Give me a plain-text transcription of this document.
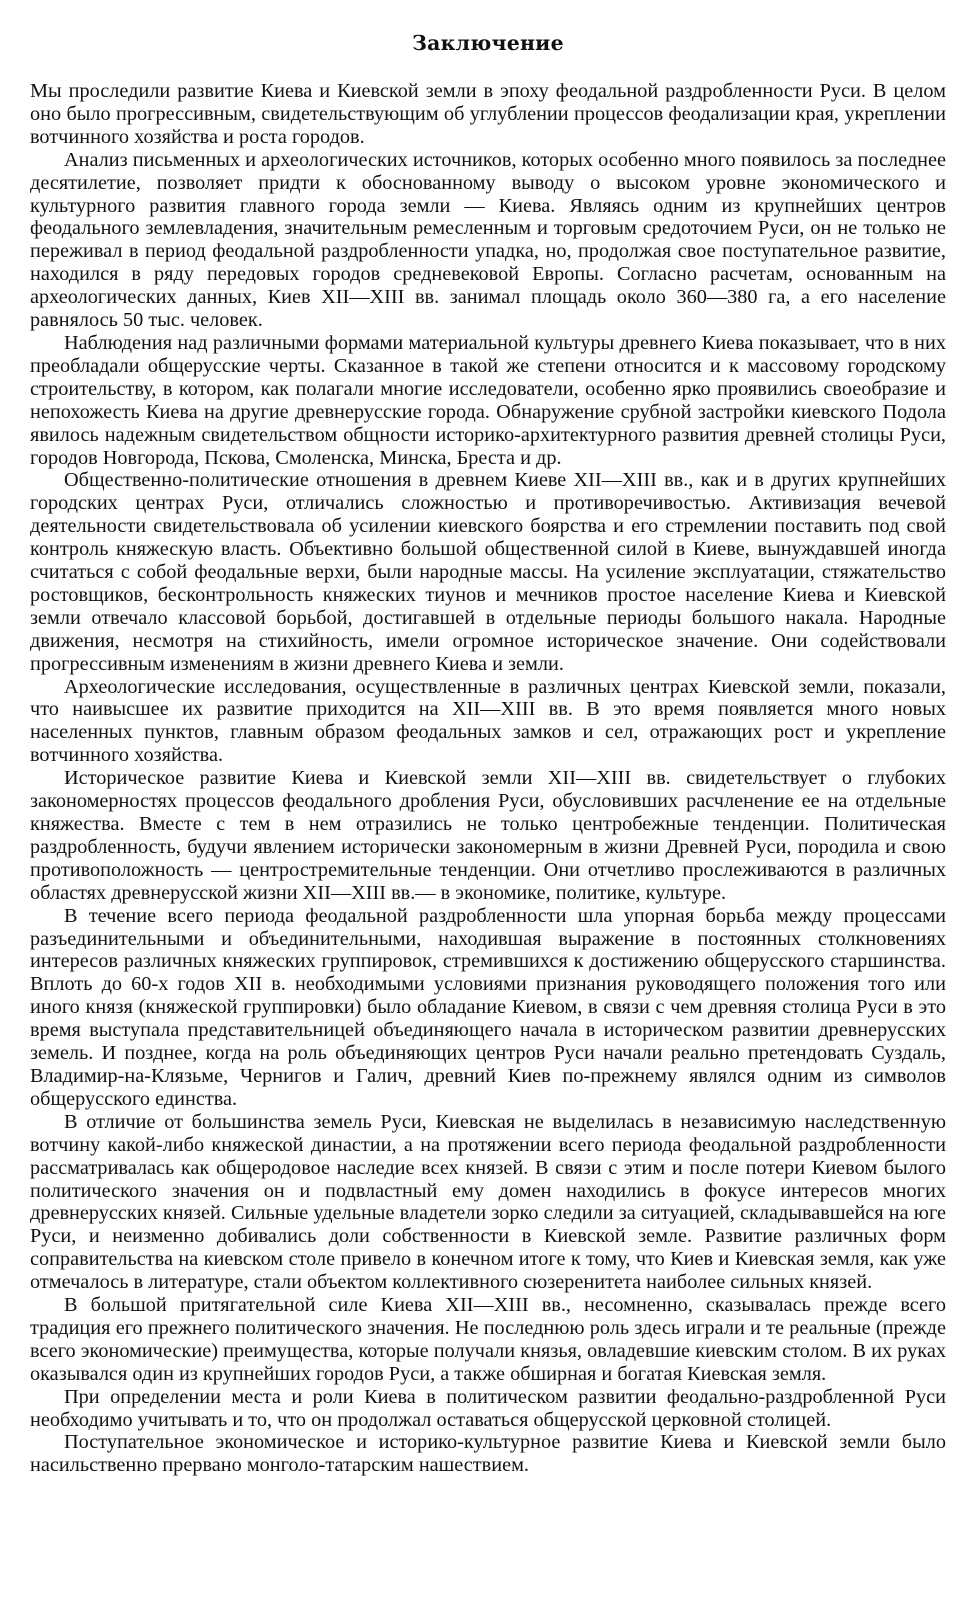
Заключение

Мы проследили развитие Киева и Киевской земли в эпоху феодальной раздробленности Руси. В целом оно было прогрессивным, свидетельствующим об углублении процессов феодализации края, укреплении вотчинного хозяйства и роста городов.

Анализ письменных и археологических источников, которых особенно много появилось за последнее десятилетие, позволяет придти к обоснованному выводу о высоком уровне экономического и культурного развития главного города земли — Киева. Являясь одним из крупнейших центров феодального землевладения, значительным ремесленным и торговым средоточием Руси, он не только не переживал в период феодальной раздробленности упадка, но, продолжая свое поступательное развитие, находился в ряду передовых городов средневековой Европы. Согласно расчетам, основанным на археологических данных, Киев XII—XIII вв. занимал площадь около 360—380 га, а его население равнялось 50 тыс. человек.

Наблюдения над различными формами материальной культуры древнего Киева показывает, что в них преобладали общерусские черты. Сказанное в такой же степени относится и к массовому городскому строительству, в котором, как полагали многие исследователи, особенно ярко проявились своеобразие и непохожесть Киева на другие древнерусские города. Обнаружение срубной застройки киевского Подола явилось надежным свидетельством общности историко-архитектурного развития древней столицы Руси, городов Новгорода, Пскова, Смоленска, Минска, Бреста и др.

Общественно-политические отношения в древнем Киеве XII—XIII вв., как и в других крупнейших городских центрах Руси, отличались сложностью и противоречивостью. Активизация вечевой деятельности свидетельствовала об усилении киевского боярства и его стремлении поставить под свой контроль княжескую власть. Объективно большой общественной силой в Киеве, вынуждавшей иногда считаться с собой феодальные верхи, были народные массы. На усиление эксплуатации, стяжательство ростовщиков, бесконтрольность княжеских тиунов и мечников простое население Киева и Киевской земли отвечало классовой борьбой, достигавшей в отдельные периоды большого накала. Народные движения, несмотря на стихийность, имели огромное историческое значение. Они содействовали прогрессивным изменениям в жизни древнего Киева и земли.

Археологические исследования, осуществленные в различных центрах Киевской земли, показали, что наивысшее их развитие приходится на XII—XIII вв. В это время появляется много новых населенных пунктов, главным образом феодальных замков и сел, отражающих рост и укрепление вотчинного хозяйства.

Историческое развитие Киева и Киевской земли XII—XIII вв. свидетельствует о глубоких закономерностях процессов феодального дробления Руси, обусловивших расчленение ее на отдельные княжества. Вместе с тем в нем отразились не только центробежные тенденции. Политическая раздробленность, будучи явлением исторически закономерным в жизни Древней Руси, породила и свою противоположность — центростремительные тенденции. Они отчетливо прослеживаются в различных областях древнерусской жизни XII—XIII вв.— в экономике, политике, культуре.

В течение всего периода феодальной раздробленности шла упорная борьба между процессами разъединительными и объединительными, находившая выражение в постоянных столкновениях интересов различных княжеских группировок, стремившихся к достижению общерусского старшинства. Вплоть до 60-х годов XII в. необходимыми условиями признания руководящего положения того или иного князя (княжеской группировки) было обладание Киевом, в связи с чем древняя столица Руси в это время выступала представительницей объединяющего начала в историческом развитии древнерусских земель. И позднее, когда на роль объединяющих центров Руси начали реально претендовать Суздаль, Владимир-на-Клязьме, Чернигов и Галич, древний Киев по-прежнему являлся одним из символов общерусского единства.

В отличие от большинства земель Руси, Киевская не выделилась в независимую наследственную вотчину какой-либо княжеской династии, а на протяжении всего периода феодальной раздробленности рассматривалась как общеродовое наследие всех князей. В связи с этим и после потери Киевом былого политического значения он и подвластный ему домен находились в фокусе интересов многих древнерусских князей. Сильные удельные владетели зорко следили за ситуацией, складывавшейся на юге Руси, и неизменно добивались доли собственности в Киевской земле. Развитие различных форм соправительства на киевском столе привело в конечном итоге к тому, что Киев и Киевская земля, как уже отмечалось в литературе, стали объектом коллективного сюзеренитета наиболее сильных князей.

В большой притягательной силе Киева XII—XIII вв., несомненно, сказывалась прежде всего традиция его прежнего политического значения. Не последнюю роль здесь играли и те реальные (прежде всего экономические) преимущества, которые получали князья, овладевшие киевским столом. В их руках оказывался один из крупнейших городов Руси, а также обширная и богатая Киевская земля.

При определении места и роли Киева в политическом развитии феодально-раздробленной Руси необходимо учитывать и то, что он продолжал оставаться общерусской церковной столицей.

Поступательное экономическое и историко-культурное развитие Киева и Киевской земли было насильственно прервано монголо-татарским нашествием.
